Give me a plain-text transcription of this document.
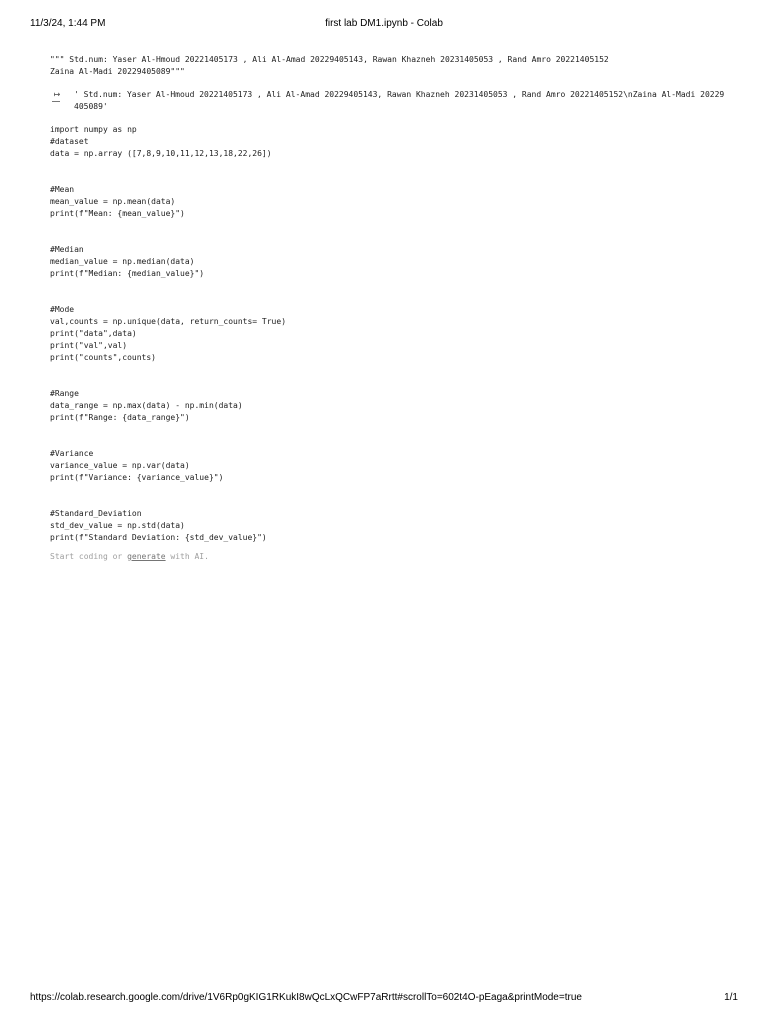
11/3/24, 1:44 PM	first lab DM1.ipynb - Colab
""" Std.num: Yaser Al-Hmoud 20221405173 , Ali Al-Amad 20229405143, Rawan Khazneh 20231405053 , Rand Amro 20221405152
Zaina Al-Madi 20229405089"""
↦	' Std.num: Yaser Al-Hmoud 20221405173 , Ali Al-Amad 20229405143, Rawan Khazneh 20231405053 , Rand Amro 20221405152\nZaina Al-Madi 20229
405089'
import numpy as np
#dataset
data = np.array ([7,8,9,10,11,12,13,18,22,26])

#Mean
mean_value = np.mean(data)
print(f"Mean: {mean_value}")

#Median
median_value = np.median(data)
print(f"Median: {median_value}")

#Mode
val,counts = np.unique(data, return_counts= True)
print("data",data)
print("val",val)
print("counts",counts)

#Range
data_range = np.max(data) - np.min(data)
print(f"Range: {data_range}")

#Variance
variance_value = np.var(data)
print(f"Variance: {variance_value}")

#Standard_Deviation
std_dev_value = np.std(data)
print(f"Standard Deviation: {std_dev_value}")
Start coding or generate with AI.
https://colab.research.google.com/drive/1V6Rp0gKIG1RKukI8wQcLxQCwFP7aRrtt#scrollTo=602t4O-pEaga&printMode=true	1/1
